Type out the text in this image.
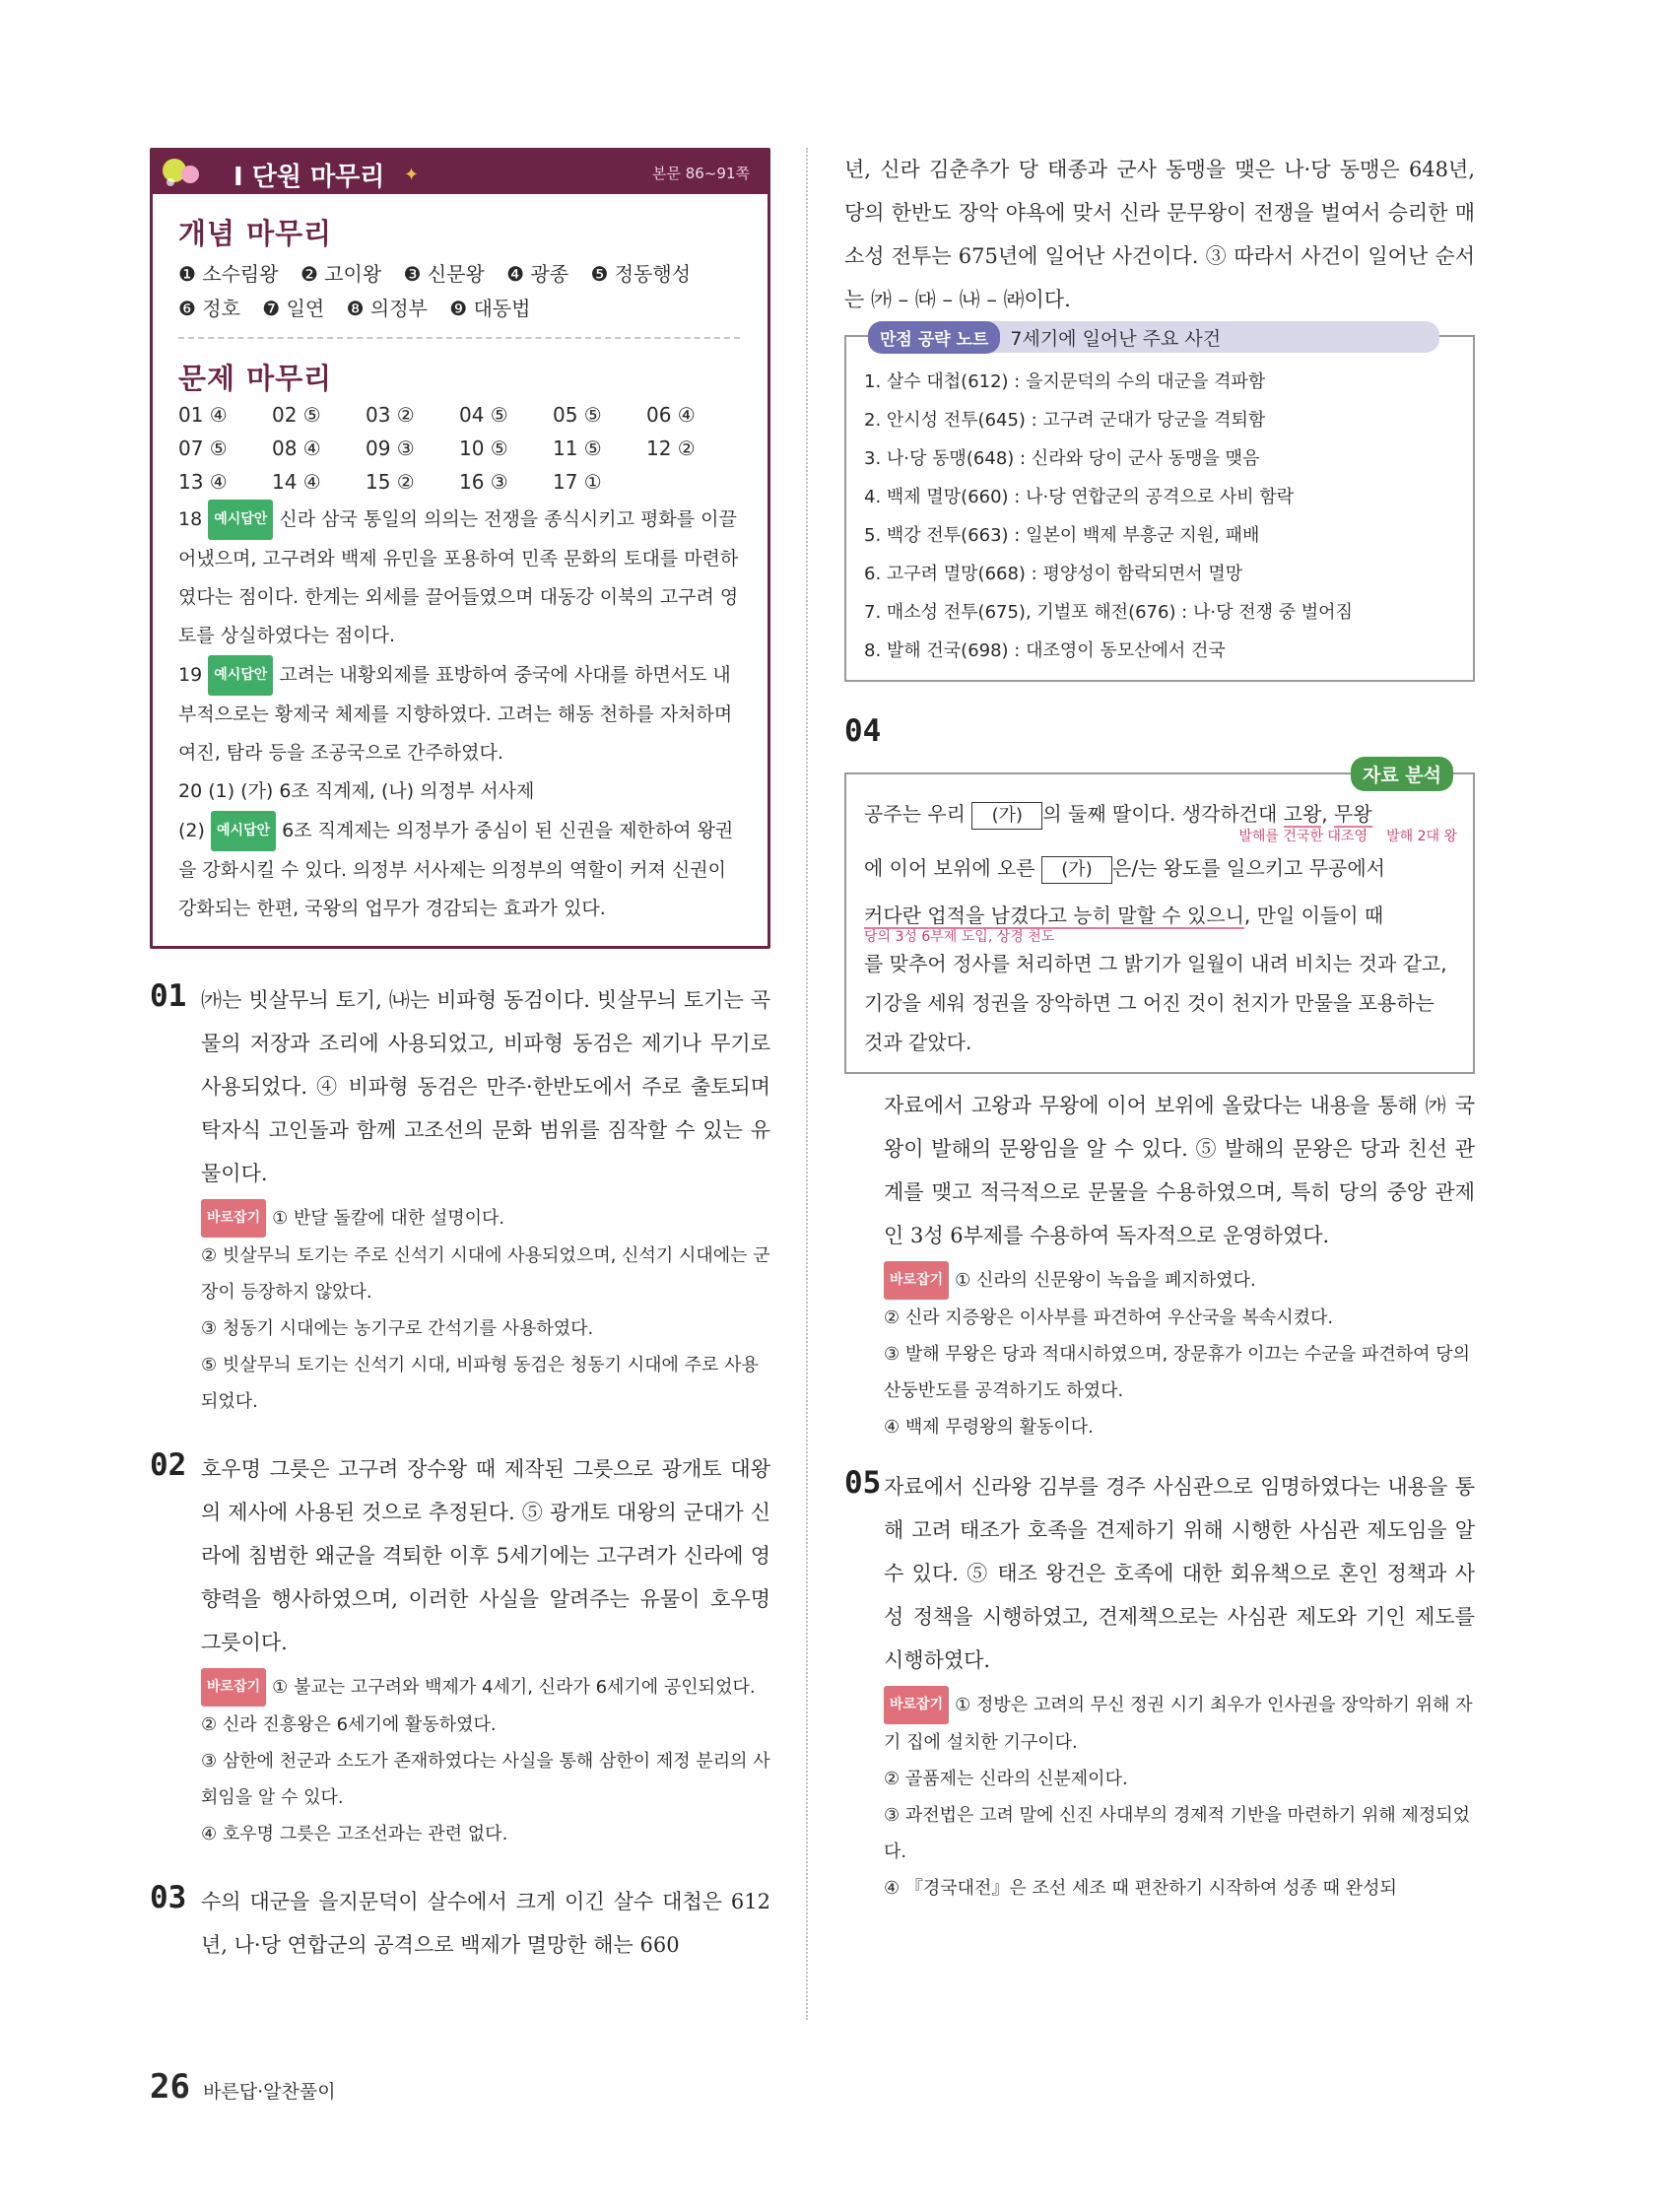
Ⅰ 단원 마무리 ✦	본문 86~91쪽
개념 마무리
❶ 소수림왕 ❷ 고이왕 ❸ 신문왕 ❹ 광종 ❺ 정동행성
❻ 정호 ❼ 일연 ❽ 의정부 ❾ 대동법
문제 마무리
01 ④	02 ⑤	03 ②	04 ⑤	05 ⑤	06 ④
07 ⑤	08 ④	09 ③	10 ⑤	11 ⑤	12 ②
13 ④	14 ④	15 ②	16 ③	17 ①
18 예시답안 신라 삼국 통일의 의의는 전쟁을 종식시키고 평화를 이끌어냈으며, 고구려와 백제 유민을 포용하여 민족 문화의 토대를 마련하였다는 점이다. 한계는 외세를 끌어들였으며 대동강 이북의 고구려 영토를 상실하였다는 점이다.
19 예시답안 고려는 내황외제를 표방하여 중국에 사대를 하면서도 내부적으로는 황제국 체제를 지향하였다. 고려는 해동 천하를 자처하며 여진, 탐라 등을 조공국으로 간주하였다.
20 (1) (가) 6조 직계제, (나) 의정부 서사제
(2) 예시답안 6조 직계제는 의정부가 중심이 된 신권을 제한하여 왕권을 강화시킬 수 있다. 의정부 서사제는 의정부의 역할이 커져 신권이 강화되는 한편, 국왕의 업무가 경감되는 효과가 있다.
01 ㈎는 빗살무늬 토기, ㈏는 비파형 동검이다. 빗살무늬 토기는 곡물의 저장과 조리에 사용되었고, 비파형 동검은 제기나 무기로 사용되었다. ④ 비파형 동검은 만주·한반도에서 주로 출토되며 탁자식 고인돌과 함께 고조선의 문화 범위를 짐작할 수 있는 유물이다.
바로잡기 ① 반달 돌칼에 대한 설명이다.
② 빗살무늬 토기는 주로 신석기 시대에 사용되었으며, 신석기 시대에는 군장이 등장하지 않았다.
③ 청동기 시대에는 농기구로 간석기를 사용하였다.
⑤ 빗살무늬 토기는 신석기 시대, 비파형 동검은 청동기 시대에 주로 사용되었다.
02 호우명 그릇은 고구려 장수왕 때 제작된 그릇으로 광개토 대왕의 제사에 사용된 것으로 추정된다. ⑤ 광개토 대왕의 군대가 신라에 침범한 왜군을 격퇴한 이후 5세기에는 고구려가 신라에 영향력을 행사하였으며, 이러한 사실을 알려주는 유물이 호우명 그릇이다.
바로잡기 ① 불교는 고구려와 백제가 4세기, 신라가 6세기에 공인되었다.
② 신라 진흥왕은 6세기에 활동하였다.
③ 삼한에 천군과 소도가 존재하였다는 사실을 통해 삼한이 제정 분리의 사회임을 알 수 있다.
④ 호우명 그릇은 고조선과는 관련 없다.
03 수의 대군을 을지문덕이 살수에서 크게 이긴 살수 대첩은 612년, 나·당 연합군의 공격으로 백제가 멸망한 해는 660
년, 신라 김춘추가 당 태종과 군사 동맹을 맺은 나·당 동맹은 648년, 당의 한반도 장악 야욕에 맞서 신라 문무왕이 전쟁을 벌여서 승리한 매소성 전투는 675년에 일어난 사건이다. ③ 따라서 사건이 일어난 순서는 ㈎ – ㈐ – ㈏ – ㈑이다.
만점 공략 노트 7세기에 일어난 주요 사건
1. 살수 대첩(612) : 을지문덕의 수의 대군을 격파함
2. 안시성 전투(645) : 고구려 군대가 당군을 격퇴함
3. 나·당 동맹(648) : 신라와 당이 군사 동맹을 맺음
4. 백제 멸망(660) : 나·당 연합군의 공격으로 사비 함락
5. 백강 전투(663) : 일본이 백제 부흥군 지원, 패배
6. 고구려 멸망(668) : 평양성이 함락되면서 멸망
7. 매소성 전투(675), 기벌포 해전(676) : 나·당 전쟁 중 벌어짐
8. 발해 건국(698) : 대조영이 동모산에서 건국
04
자료 분석
공주는 우리 (가) 의 둘째 딸이다. 생각하건대 고왕, 무왕
발해를 건국한 대조영 발해 2대 왕
에 이어 보위에 오른 (가) 은/는 왕도를 일으키고 무공에서
커다란 업적을 남겼다고 능히 말할 수 있으니, 만일 이들이 때
당의 3성 6부제 도입, 상경 천도
를 맞추어 정사를 처리하면 그 밝기가 일월이 내려 비치는 것과 같고, 기강을 세워 정권을 장악하면 그 어진 것이 천지가 만물을 포용하는 것과 같았다.
자료에서 고왕과 무왕에 이어 보위에 올랐다는 내용을 통해 ㈎ 국왕이 발해의 문왕임을 알 수 있다. ⑤ 발해의 문왕은 당과 친선 관계를 맺고 적극적으로 문물을 수용하였으며, 특히 당의 중앙 관제인 3성 6부제를 수용하여 독자적으로 운영하였다.
바로잡기 ① 신라의 신문왕이 녹읍을 폐지하였다.
② 신라 지증왕은 이사부를 파견하여 우산국을 복속시켰다.
③ 발해 무왕은 당과 적대시하였으며, 장문휴가 이끄는 수군을 파견하여 당의 산둥반도를 공격하기도 하였다.
④ 백제 무령왕의 활동이다.
05 자료에서 신라왕 김부를 경주 사심관으로 임명하였다는 내용을 통해 고려 태조가 호족을 견제하기 위해 시행한 사심관 제도임을 알 수 있다. ⑤ 태조 왕건은 호족에 대한 회유책으로 혼인 정책과 사성 정책을 시행하였고, 견제책으로는 사심관 제도와 기인 제도를 시행하였다.
바로잡기 ① 정방은 고려의 무신 정권 시기 최우가 인사권을 장악하기 위해 자기 집에 설치한 기구이다.
② 골품제는 신라의 신분제이다.
③ 과전법은 고려 말에 신진 사대부의 경제적 기반을 마련하기 위해 제정되었다.
④ 『경국대전』은 조선 세조 때 편찬하기 시작하여 성종 때 완성되
26 바른답·알찬풀이
